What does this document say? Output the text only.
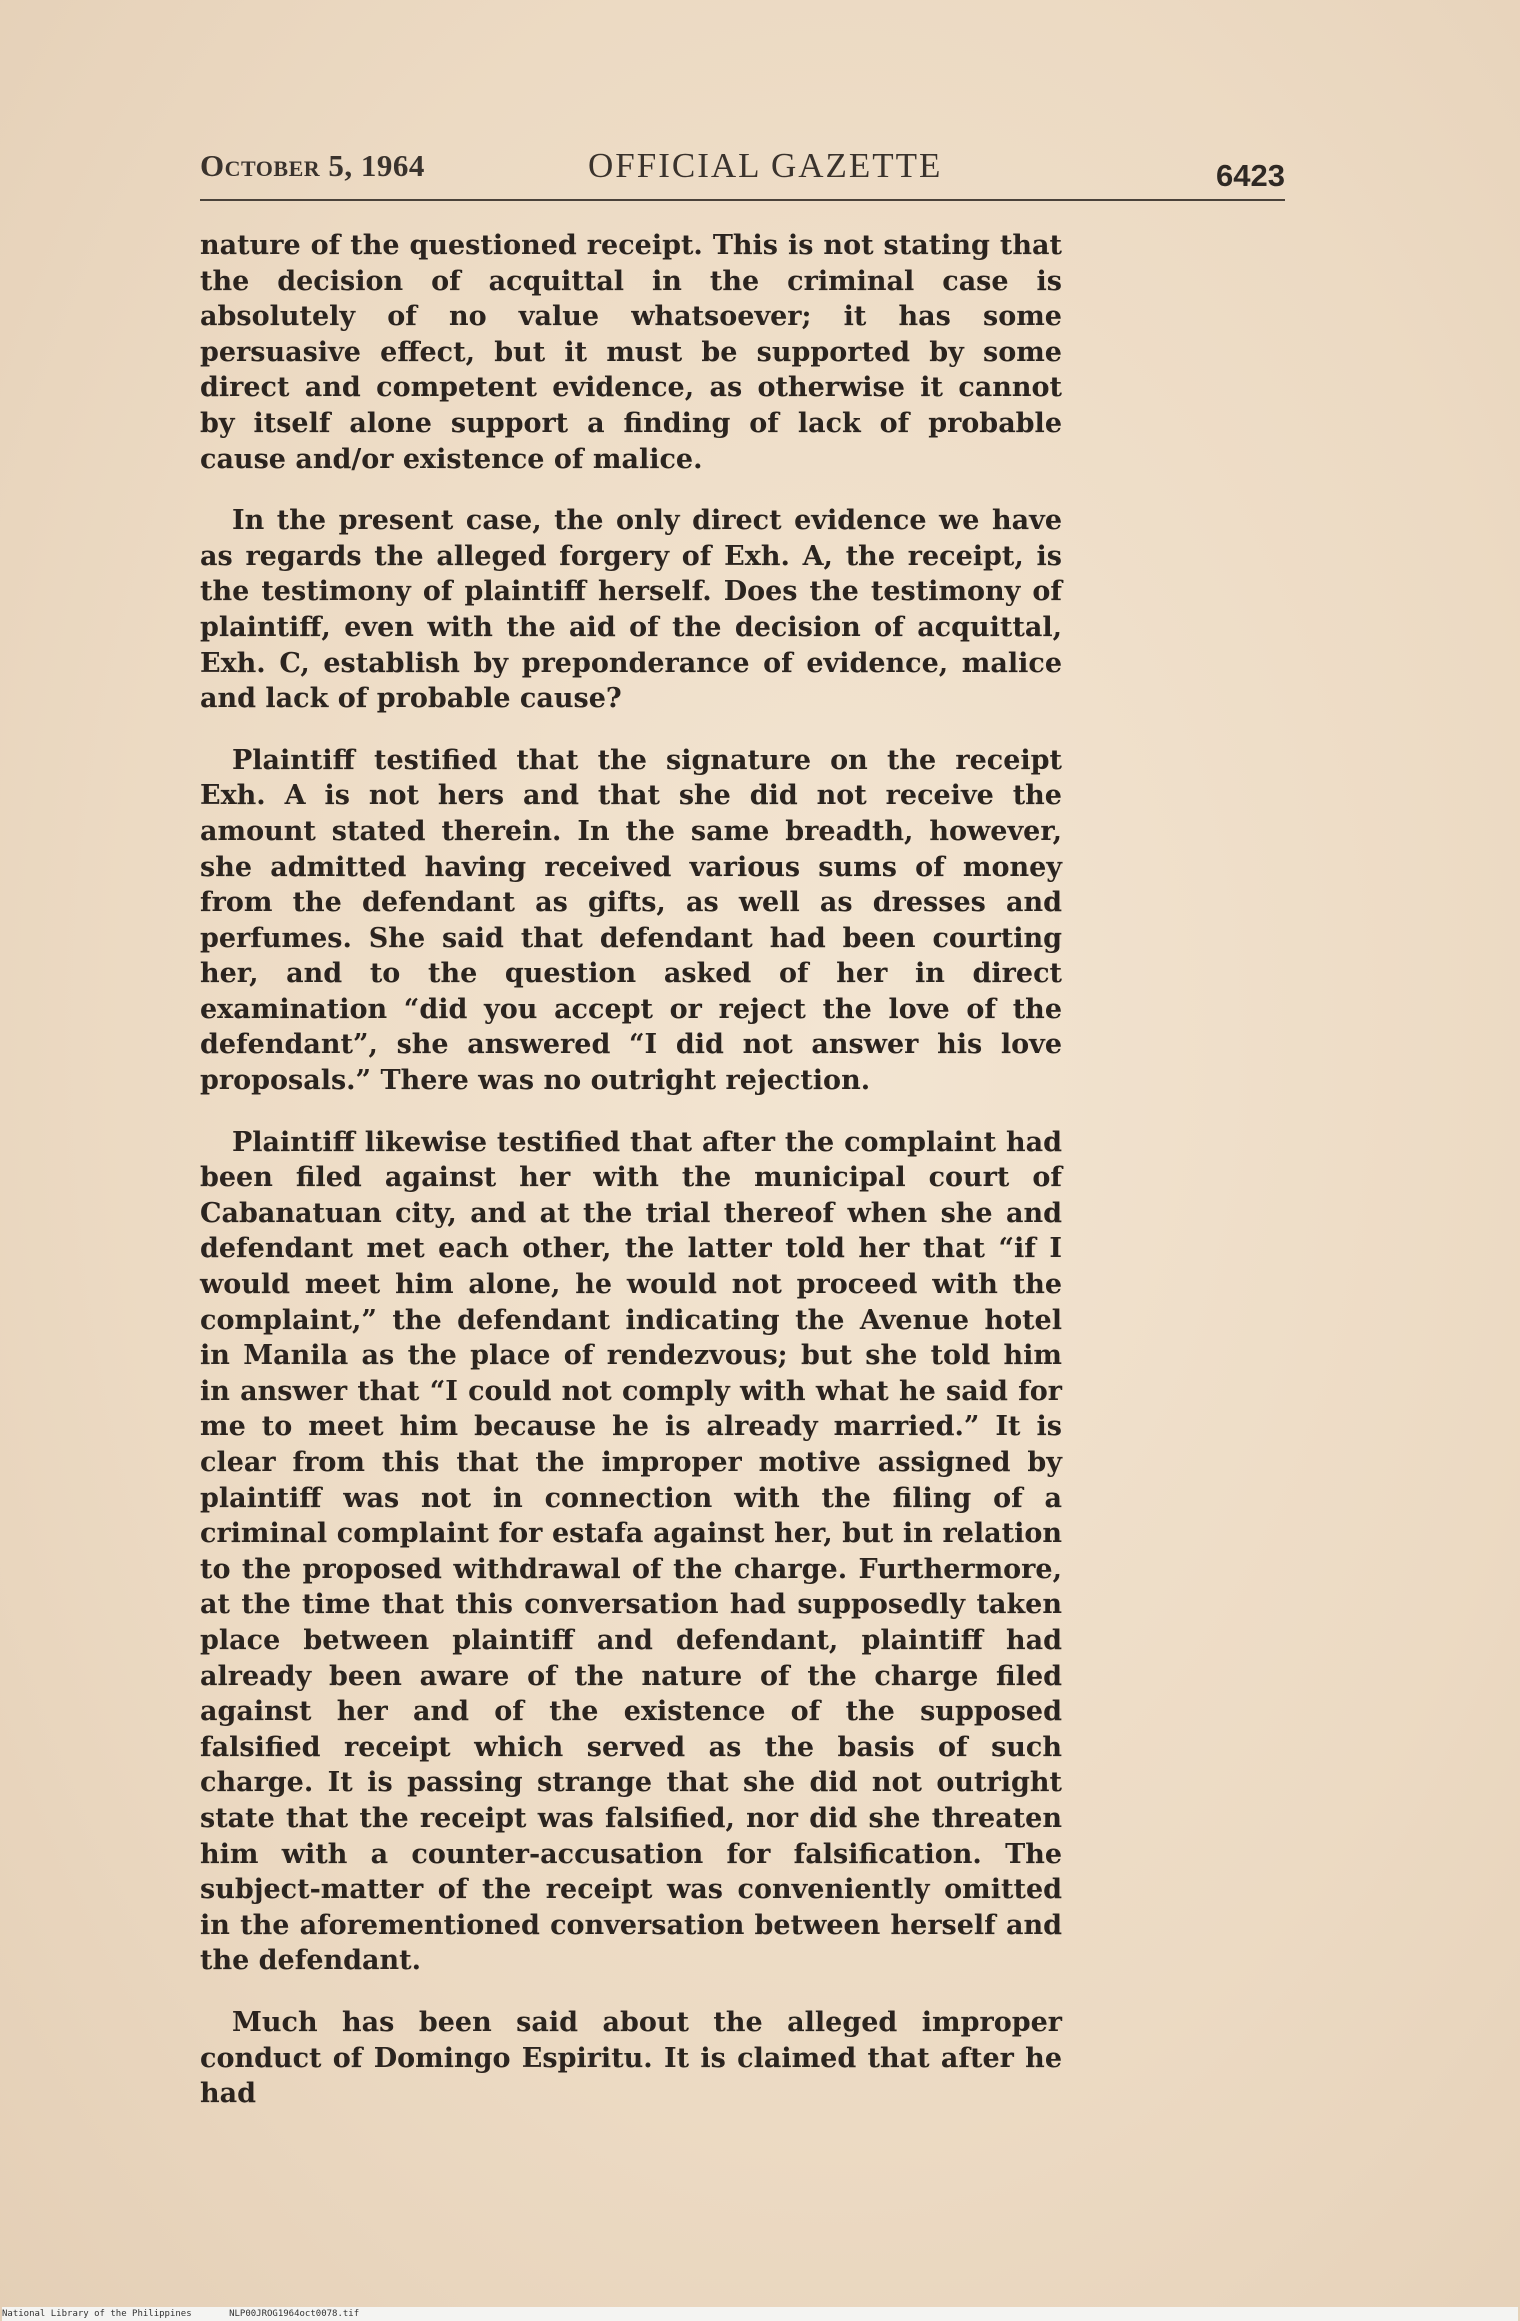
October 5, 1964	OFFICIAL GAZETTE	6423

nature of the questioned receipt. This is not stating that the decision of acquittal in the criminal case is absolutely of no value whatsoever; it has some persuasive effect, but it must be supported by some direct and competent evidence, as otherwise it cannot by itself alone support a finding of lack of probable cause and/or existence of malice.

In the present case, the only direct evidence we have as regards the alleged forgery of Exh. A, the receipt, is the testimony of plaintiff herself. Does the testimony of plaintiff, even with the aid of the decision of acquittal, Exh. C, establish by preponderance of evidence, malice and lack of probable cause?

Plaintiff testified that the signature on the receipt Exh. A is not hers and that she did not receive the amount stated therein. In the same breadth, however, she admitted having received various sums of money from the defendant as gifts, as well as dresses and perfumes. She said that defendant had been courting her, and to the question asked of her in direct examination “did you accept or reject the love of the defendant”, she answered “I did not answer his love proposals.” There was no outright rejection.

Plaintiff likewise testified that after the complaint had been filed against her with the municipal court of Cabanatuan city, and at the trial thereof when she and defendant met each other, the latter told her that “if I would meet him alone, he would not proceed with the complaint,” the defendant indicating the Avenue hotel in Manila as the place of rendezvous; but she told him in answer that “I could not comply with what he said for me to meet him because he is already married.” It is clear from this that the improper motive assigned by plaintiff was not in connection with the filing of a criminal complaint for estafa against her, but in relation to the proposed withdrawal of the charge. Furthermore, at the time that this conversation had supposedly taken place between plaintiff and defendant, plaintiff had already been aware of the nature of the charge filed against her and of the existence of the supposed falsified receipt which served as the basis of such charge. It is passing strange that she did not outright state that the receipt was falsified, nor did she threaten him with a counter-accusation for falsification. The subject-matter of the receipt was conveniently omitted in the aforementioned conversation between herself and the defendant.

Much has been said about the alleged improper conduct of Domingo Espiritu. It is claimed that after he had

National Library of the Philippines	NLP00JROG1964oct0078.tif
